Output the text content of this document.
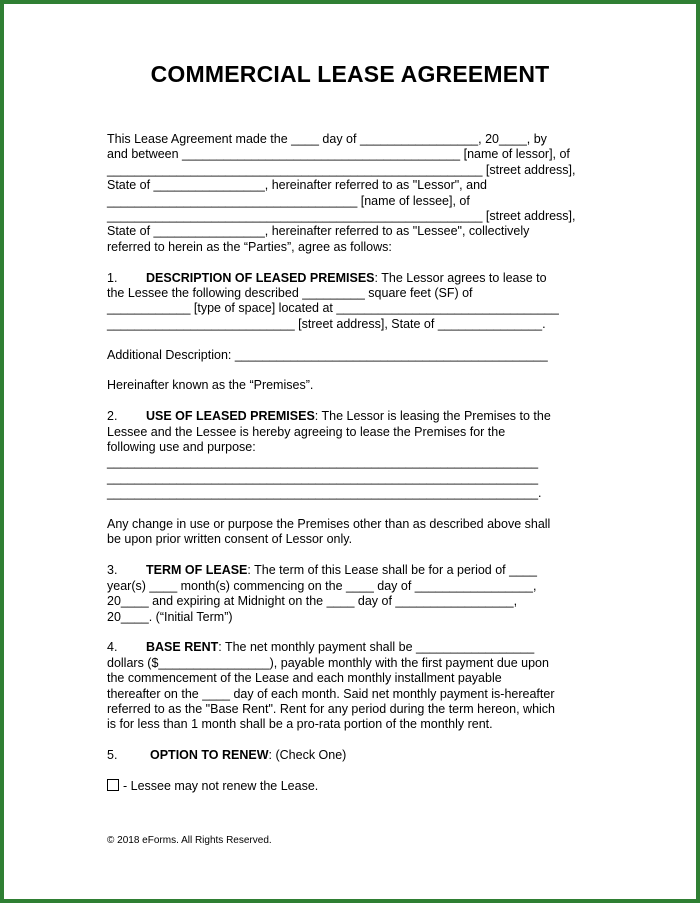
COMMERCIAL LEASE AGREEMENT

This Lease Agreement made the ____ day of _________________, 20____, by

and between ________________________________________ [name of lessor], of

______________________________________________________ [street address],

State of ________________, hereinafter referred to as "Lessor", and

____________________________________ [name of lessee], of

______________________________________________________ [street address],

State of ________________, hereinafter referred to as "Lessee", collectively

referred to herein as the “Parties”, agree as follows:

1. DESCRIPTION OF LEASED PREMISES: The Lessor agrees to lease to

the Lessee the following described _________ square feet (SF) of

____________ [type of space] located at ________________________________

___________________________ [street address], State of _______________.

Additional Description: _____________________________________________

Hereinafter known as the “Premises”.

2. USE OF LEASED PREMISES: The Lessor is leasing the Premises to the

Lessee and the Lessee is hereby agreeing to lease the Premises for the

following use and purpose:

______________________________________________________________

______________________________________________________________

______________________________________________________________.

Any change in use or purpose the Premises other than as described above shall

be upon prior written consent of Lessor only.

3. TERM OF LEASE: The term of this Lease shall be for a period of ____

year(s) ____ month(s) commencing on the ____ day of _________________,

20____ and expiring at Midnight on the ____ day of _________________,

20____. (“Initial Term”)

4. BASE RENT: The net monthly payment shall be _________________

dollars ($________________), payable monthly with the first payment due upon

the commencement of the Lease and each monthly installment payable

thereafter on the ____ day of each month. Said net monthly payment is-hereafter

referred to as the "Base Rent". Rent for any period during the term hereon, which

is for less than 1 month shall be a pro-rata portion of the monthly rent.

5.	OPTION TO RENEW: (Check One)

- Lessee may not renew the Lease.

© 2018 eForms. All Rights Reserved.
